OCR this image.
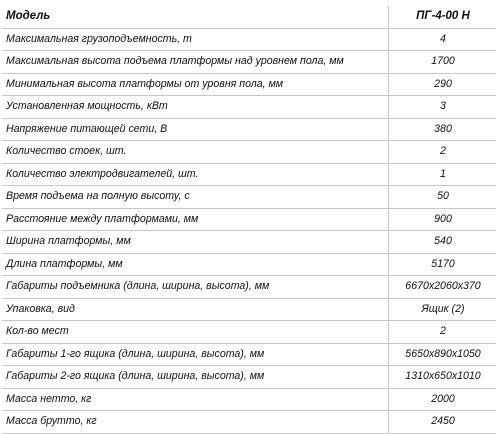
Модель	ПГ-4-00 Н
Максимальная грузоподъемность, т	4
Максимальная высота подъема платформы над уровнем пола, мм	1700
Минимальная высота платформы от уровня пола, мм	290
Установленная мощность, кВт	3
Напряжение питающей сети, В	380
Количество стоек, шт.	2
Количество электродвигателей, шт.	1
Время подъема на полную высоту, с	50
Расстояние между платформами, мм	900
Ширина платформы, мм	540
Длина платформы, мм	5170
Габариты подъемника (длина, ширина, высота), мм	6670х2060х370
Упаковка, вид	Ящик (2)
Кол-во мест	2
Габариты 1-го ящика (длина, ширина, высота), мм	5650х890х1050
Габариты 2-го ящика (длина, ширина, высота), мм	1310х650х1010
Масса нетто, кг	2000
Масса брутто, кг	2450
